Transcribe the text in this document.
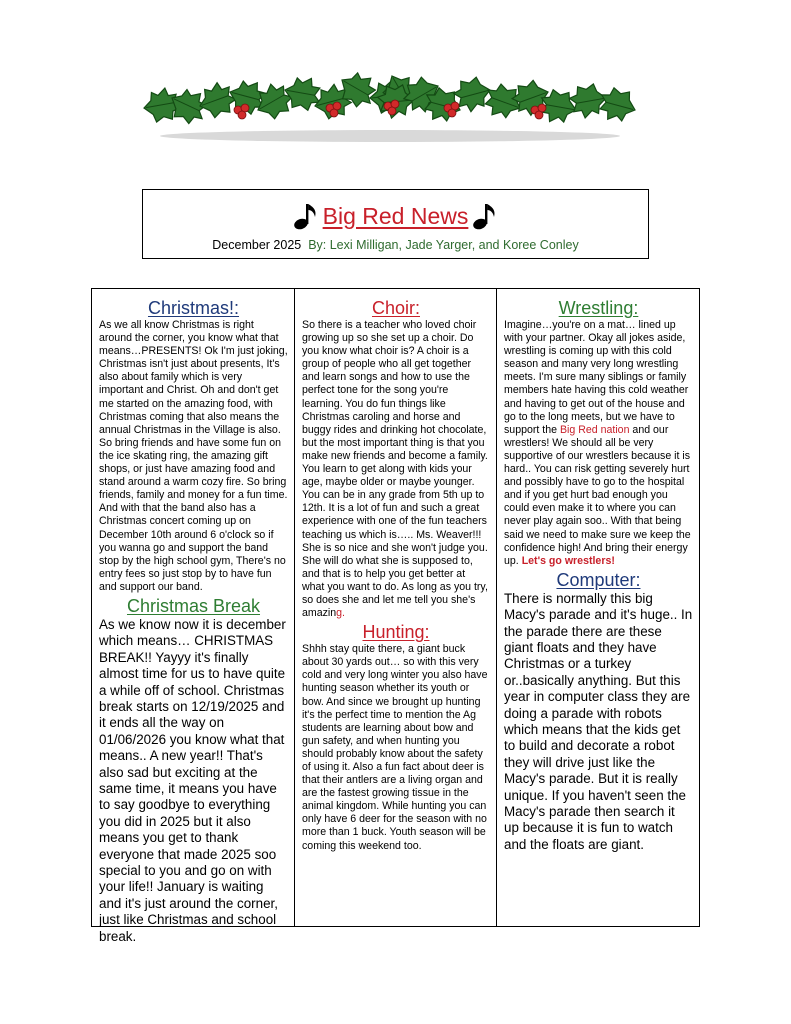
Big Red News
December 2025 By: Lexi Milligan, Jade Yarger, and Koree Conley
Christmas!:

As we all know Christmas is right around the corner, you know what that means…PRESENTS! Ok I'm just joking, Christmas isn't just about presents, It's also about family which is very important and Christ. Oh and don't get me started on the amazing food, with Christmas coming that also means the annual Christmas in the Village is also. So bring friends and have some fun on the ice skating ring, the amazing gift shops, or just have amazing food and stand around a warm cozy fire. So bring friends, family and money for a fun time. And with that the band also has a Christmas concert coming up on December 10th around 6 o'clock so if you wanna go and support the band stop by the high school gym, There's no entry fees so just stop by to have fun and support our band.

Christmas Break

As we know now it is december which means… CHRISTMAS BREAK!! Yayyy it's finally almost time for us to have quite a while off of school. Christmas break starts on 12/19/2025 and it ends all the way on 01/06/2026 you know what that means.. A new year!! That's also sad but exciting at the same time, it means you have to say goodbye to everything you did in 2025 but it also means you get to thank everyone that made 2025 soo special to you and go on with your life!! January is waiting and it's just around the corner, just like Christmas and school break.

Choir:

So there is a teacher who loved choir growing up so she set up a choir. Do you know what choir is? A choir is a group of people who all get together and learn songs and how to use the perfect tone for the song you're learning. You do fun things like Christmas caroling and horse and buggy rides and drinking hot chocolate, but the most important thing is that you make new friends and become a family. You learn to get along with kids your age, maybe older or maybe younger. You can be in any grade from 5th up to 12th. It is a lot of fun and such a great experience with one of the fun teachers teaching us which is….. Ms. Weaver!!! She is so nice and she won't judge you. She will do what she is supposed to, and that is to help you get better at what you want to do. As long as you try, so does she and let me tell you she's amazing.

Hunting:

Shhh stay quite there, a giant buck about 30 yards out… so with this very cold and very long winter you also have hunting season whether its youth or bow. And since we brought up hunting it's the perfect time to mention the Ag students are learning about bow and gun safety, and when hunting you should probably know about the safety of using it. Also a fun fact about deer is that their antlers are a living organ and are the fastest growing tissue in the animal kingdom. While hunting you can only have 6 deer for the season with no more than 1 buck. Youth season will be coming this weekend too.

Wrestling:

Imagine…you're on a mat… lined up with your partner. Okay all jokes aside, wrestling is coming up with this cold season and many very long wrestling meets. I'm sure many siblings or family members hate having this cold weather and having to get out of the house and go to the long meets, but we have to support the Big Red nation and our wrestlers! We should all be very supportive of our wrestlers because it is hard.. You can risk getting severely hurt and possibly have to go to the hospital and if you get hurt bad enough you could even make it to where you can never play again soo.. With that being said we need to make sure we keep the confidence high! And bring their energy up. Let's go wrestlers!

Computer:

There is normally this big Macy's parade and it's huge.. In the parade there are these giant floats and they have Christmas or a turkey or..basically anything. But this year in computer class they are doing a parade with robots which means that the kids get to build and decorate a robot they will drive just like the Macy's parade. But it is really unique. If you haven't seen the Macy's parade then search it up because it is fun to watch and the floats are giant.
